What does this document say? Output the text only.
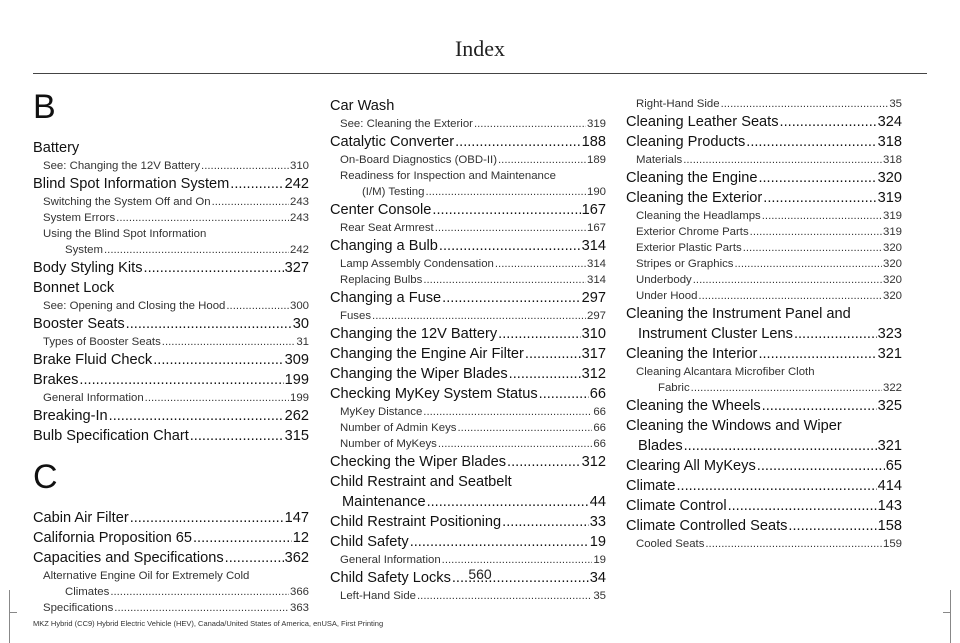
Index
B
Battery
See: Changing the 12V Battery .....	310
Blind Spot Information System .....	242
Switching the System Off and On .....	243
System Errors .....	243
Using the Blind Spot Information
System .....	242
Body Styling Kits .....	327
Bonnet Lock
See: Opening and Closing the Hood .....	300
Booster Seats .....	30
Types of Booster Seats .....	31
Brake Fluid Check .....	309
Brakes .....	199
General Information .....	199
Breaking-In .....	262
Bulb Specification Chart .....	315
C
Cabin Air Filter .....	147
California Proposition 65 .....	12
Capacities and Specifications .....	362
Alternative Engine Oil for Extremely Cold
Climates .....	366
Specifications .....	363
Car Wash
See: Cleaning the Exterior .....	319
Catalytic Converter .....	188
On-Board Diagnostics (OBD-II) .....	189
Readiness for Inspection and Maintenance
(I/M) Testing .....	190
Center Console .....	167
Rear Seat Armrest .....	167
Changing a Bulb .....	314
Lamp Assembly Condensation .....	314
Replacing Bulbs .....	314
Changing a Fuse .....	297
Fuses .....	297
Changing the 12V Battery .....	310
Changing the Engine Air Filter .....	317
Changing the Wiper Blades .....	312
Checking MyKey System Status .....	66
MyKey Distance .....	66
Number of Admin Keys .....	66
Number of MyKeys .....	66
Checking the Wiper Blades .....	312
Child Restraint and Seatbelt
Maintenance .....	44
Child Restraint Positioning .....	33
Child Safety .....	19
General Information .....	19
Child Safety Locks .....	34
Left-Hand Side .....	35
Right-Hand Side .....	35
Cleaning Leather Seats .....	324
Cleaning Products .....	318
Materials .....	318
Cleaning the Engine .....	320
Cleaning the Exterior .....	319
Cleaning the Headlamps .....	319
Exterior Chrome Parts .....	319
Exterior Plastic Parts .....	320
Stripes or Graphics .....	320
Underbody .....	320
Under Hood .....	320
Cleaning the Instrument Panel and
Instrument Cluster Lens .....	323
Cleaning the Interior .....	321
Cleaning Alcantara Microfiber Cloth
Fabric .....	322
Cleaning the Wheels .....	325
Cleaning the Windows and Wiper
Blades .....	321
Clearing All MyKeys .....	65
Climate .....	414
Climate Control .....	143
Climate Controlled Seats .....	158
Cooled Seats .....	159
560
MKZ Hybrid (CC9) Hybrid Electric Vehicle (HEV), Canada/United States of America, enUSA, First Printing
